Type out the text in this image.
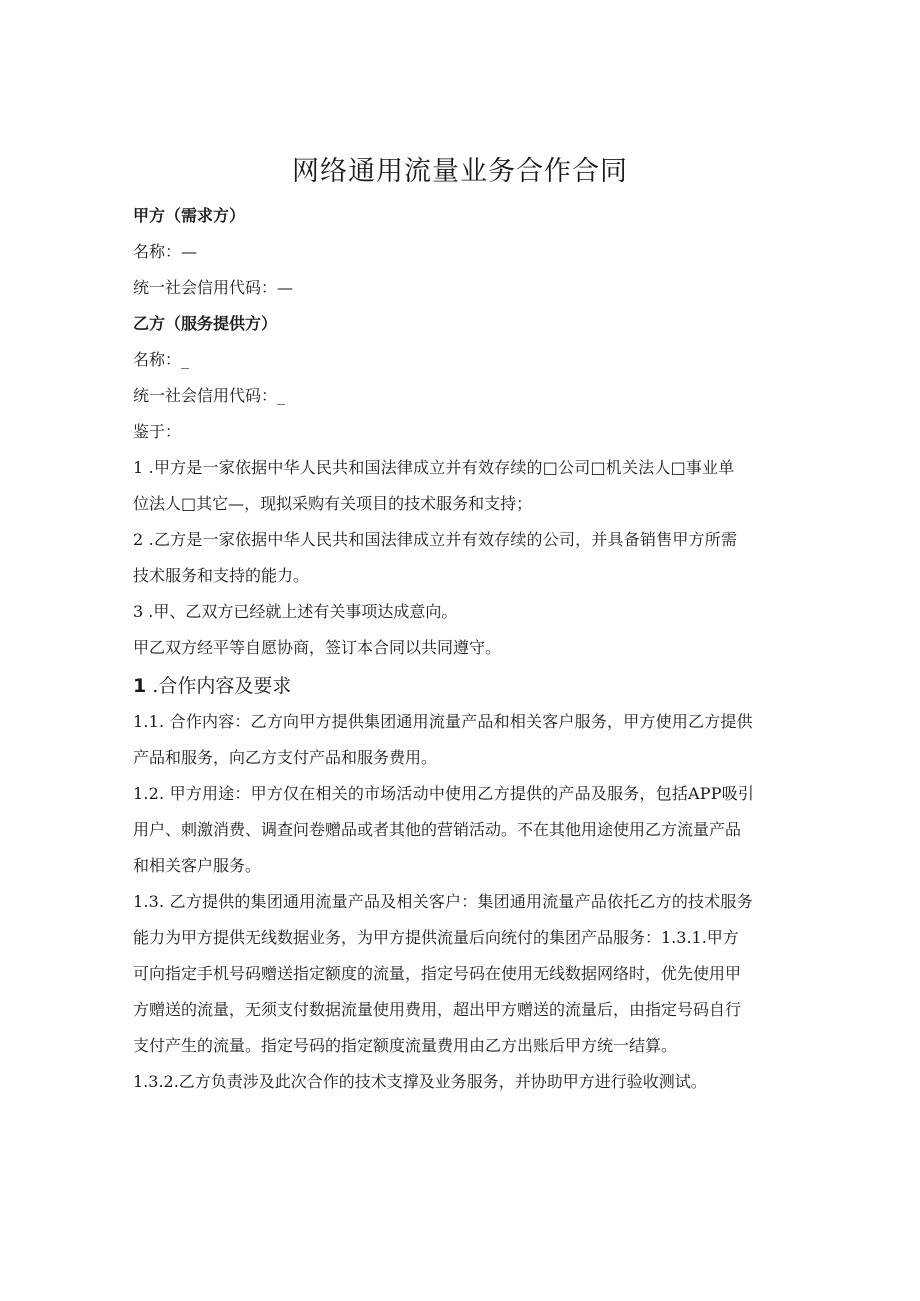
网络通用流量业务合作合同

甲方（需求方）

名称：—

统一社会信用代码：—

乙方（服务提供方）

名称：_

统一社会信用代码：_

鉴于：

1 .甲方是一家依据中华人民共和国法律成立并有效存续的□公司□机关法人□事业单

位法人□其它—，现拟采购有关项目的技术服务和支持；

2 .乙方是一家依据中华人民共和国法律成立并有效存续的公司，并具备销售甲方所需

技术服务和支持的能力。

3 .甲、乙双方已经就上述有关事项达成意向。

甲乙双方经平等自愿协商，签订本合同以共同遵守。

1 .合作内容及要求

1.1. 合作内容：乙方向甲方提供集团通用流量产品和相关客户服务，甲方使用乙方提供

产品和服务，向乙方支付产品和服务费用。

1.2. 甲方用途：甲方仅在相关的市场活动中使用乙方提供的产品及服务，包括APP吸引

用户、刺激消费、调查问卷赠品或者其他的营销活动。不在其他用途使用乙方流量产品

和相关客户服务。

1.3. 乙方提供的集团通用流量产品及相关客户：集团通用流量产品依托乙方的技术服务

能力为甲方提供无线数据业务，为甲方提供流量后向统付的集团产品服务：1.3.1.甲方

可向指定手机号码赠送指定额度的流量，指定号码在使用无线数据网络时，优先使用甲

方赠送的流量，无须支付数据流量使用费用，超出甲方赠送的流量后，由指定号码自行

支付产生的流量。指定号码的指定额度流量费用由乙方出账后甲方统一结算。

1.3.2.乙方负责涉及此次合作的技术支撑及业务服务，并协助甲方进行验收测试。
